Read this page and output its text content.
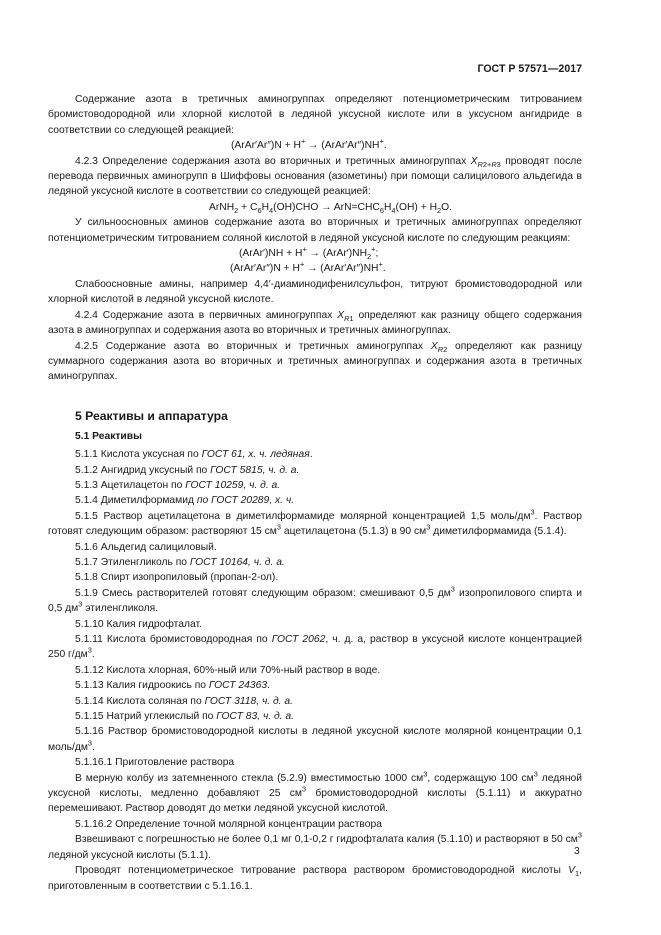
ГОСТ Р 57571—2017

Содержание азота в третичных аминогруппах определяют потенциометрическим титрованием бромистоводородной или хлорной кислотой в ледяной уксусной кислоте или в уксусном ангидриде в соответствии со следующей реакцией:

(ArAr′Ar″)N + H+ → (ArAr′Ar″)NH+.

4.2.3 Определение содержания азота во вторичных и третичных аминогруппах $X_{R2+R3}$ проводят после перевода первичных аминогрупп в Шиффовы основания (азометины) при помощи салицилового альдегида в ледяной уксусной кислоте в соответствии со следующей реакцией:

ArNH$_2$ + $C_6H_4(OH)CHO \to ArN=CHC_6H_4(OH) + H_2O$.

У сильноосновных аминов содержание азота во вторичных и третичных аминогруппах определяют потенциометрическим титрованием соляной кислотой в ледяной уксусной кислоте по следующим реакциям:

(ArAr′)NH + $H^+ \to (ArAr')NH_2^+$;

(ArAr′Ar″)N + H+ → (ArAr′Ar″)NH+.

Слабоосновные амины, например 4,4′-диаминодифенилсульфон, титруют бромистоводородной или хлорной кислотой в ледяной уксусной кислоте.

4.2.4 Содержание азота в первичных аминогруппах $X_{R1}$ определяют как разницу общего содержания азота в аминогруппах и содержания азота во вторичных и третичных аминогруппах.

4.2.5 Содержание азота во вторичных и третичных аминогруппах $X_{R2}$ определяют как разницу суммарного содержания азота во вторичных и третичных аминогруппах и содержания азота в третичных аминогруппах.

5 Реактивы и аппаратура
5.1 Реактивы

5.1.1 Кислота уксусная по ГОСТ 61, х. ч. ледяная.

5.1.2 Ангидрид уксусный по ГОСТ 5815, ч. д. а.

5.1.3 Ацетилацетон по ГОСТ 10259, ч. д. а.

5.1.4 Диметилформамид по ГОСТ 20289, х. ч.

5.1.5 Раствор ацетилацетона в диметилформамиде молярной концентрацией 1,5 моль/$дм^3$. Раствор готовят следующим образом: растворяют 15 $см^3$ ацетилацетона (5.1.3) в 90 $см^3$ диметилформамида (5.1.4).

5.1.6 Альдегид салициловый.

5.1.7 Этиленгликоль по ГОСТ 10164, ч. д. а.

5.1.8 Спирт изопропиловый (пропан-2-ол).

5.1.9 Смесь растворителей готовят следующим образом: смешивают 0,5 $дм^3$ изопропилового спирта и 0,5 $дм^3$ этиленгликоля.

5.1.10 Калия гидрофталат.

5.1.11 Кислота бромистоводородная по ГОСТ 2062, ч. д. а, раствор в уксусной кислоте концентрацией 250 $г/дм^3$.

5.1.12 Кислота хлорная, 60%-ный или 70%-ный раствор в воде.

5.1.13 Калия гидроокись по ГОСТ 24363.

5.1.14 Кислота соляная по ГОСТ 3118, ч. д. а.

5.1.15 Натрий углекислый по ГОСТ 83, ч. д. а.

5.1.16 Раствор бромистоводородной кислоты в ледяной уксусной кислоте молярной концентрации 0,1 моль/$дм^3$.

5.1.16.1 Приготовление раствора

В мерную колбу из затемненного стекла (5.2.9) вместимостью 1000 $см^3$, содержащую 100 $см^3$ ледяной уксусной кислоты, медленно добавляют 25 $см^3$ бромистоводородной кислоты (5.1.11) и аккуратно перемешивают. Раствор доводят до метки ледяной уксусной кислотой.

5.1.16.2 Определение точной молярной концентрации раствора

Взвешивают с погрешностью не более 0,1 мг 0,1-0,2 г гидрофталата калия (5.1.10) и растворяют в 50 $см^3$ ледяной уксусной кислоты (5.1.1).

Проводят потенциометрическое титрование раствора раствором бромистоводородной кислоты $V_1$, приготовленным в соответствии с 5.1.16.1.

3
